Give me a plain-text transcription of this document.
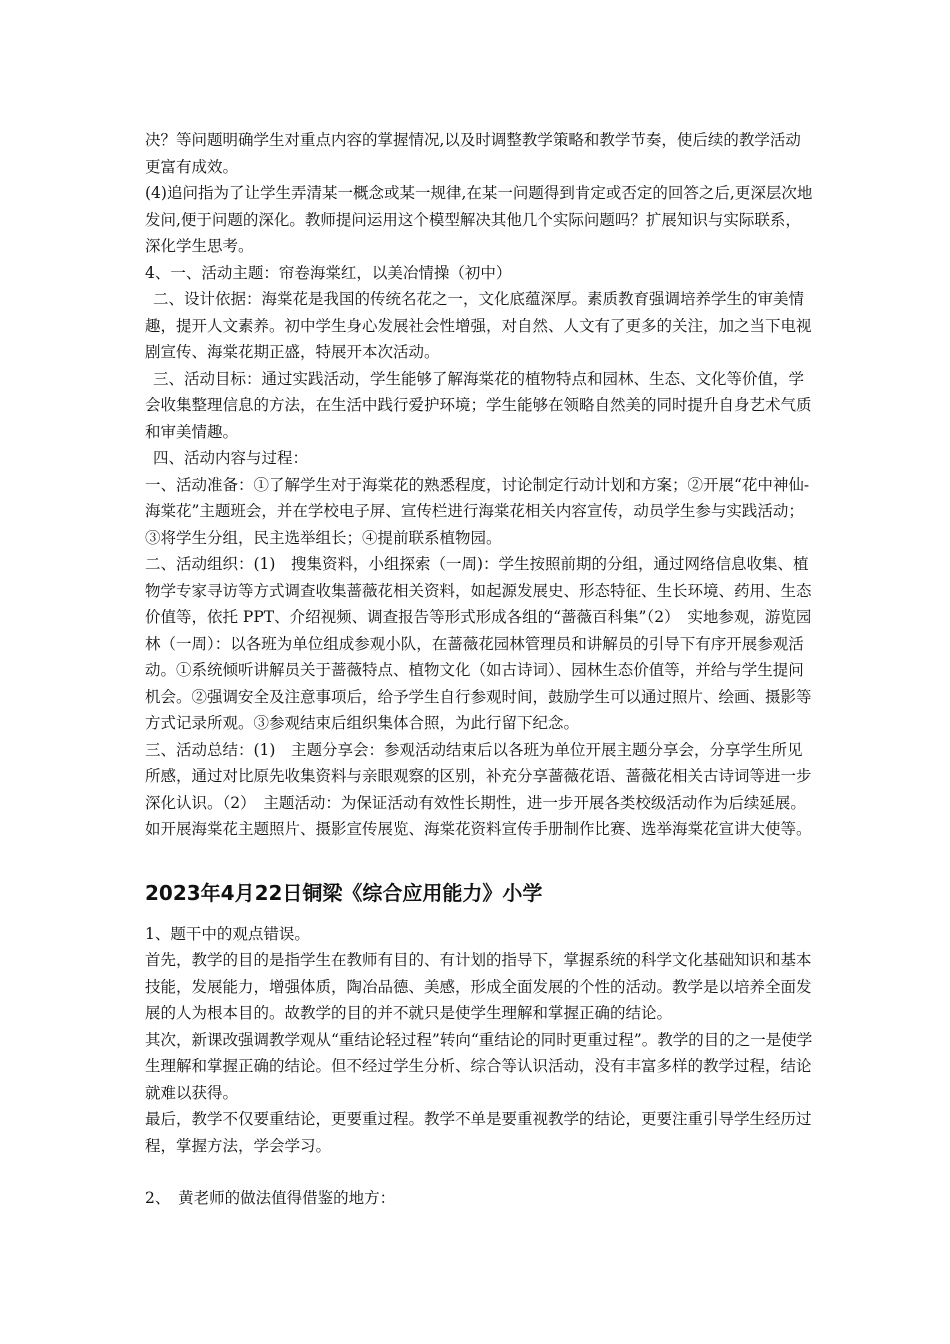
决？等问题明确学生对重点内容的掌握情况,以及时调整教学策略和教学节奏，使后续的教学活动更富有成效。

(4)追问指为了让学生弄清某一概念或某一规律,在某一问题得到肯定或否定的回答之后,更深层次地发问,便于问题的深化。教师提问运用这个模型解决其他几个实际问题吗？扩展知识与实际联系，深化学生思考。

4、一、活动主题：帘卷海棠红，以美冶情操（初中）

二、设计依据：海棠花是我国的传统名花之一，文化底蕴深厚。素质教育强调培养学生的审美情趣，提开人文素养。初中学生身心发展社会性增强，对自然、人文有了更多的关注，加之当下电视剧宣传、海棠花期正盛，特展开本次活动。

三、活动目标：通过实践活动，学生能够了解海棠花的植物特点和园林、生态、文化等价值，学会收集整理信息的方法，在生活中践行爱护环境；学生能够在领略自然美的同时提升自身艺术气质和审美情趣。

四、活动内容与过程：

一、活动准备：①了解学生对于海棠花的熟悉程度，讨论制定行动计划和方案；②开展“花中神仙-海棠花”主题班会，并在学校电子屏、宣传栏进行海棠花相关内容宣传，动员学生参与实践活动；③将学生分组，民主选举组长；④提前联系植物园。

二、活动组织：(1)　搜集资料，小组探索（一周)：学生按照前期的分组，通过网络信息收集、植物学专家寻访等方式调查收集蔷薇花相关资料，如起源发展史、形态特征、生长环境、药用、生态价值等，依托 PPT、介绍视频、调查报告等形式形成各组的“蔷薇百科集”（2）　实地参观，游览园林（一周）：以各班为单位组成参观小队，在蔷薇花园林管理员和讲解员的引导下有序开展参观活动。①系统倾听讲解员关于蔷薇特点、植物文化（如古诗词）、园林生态价值等，并给与学生提问机会。②强调安全及注意事项后，给予学生自行参观时间，鼓励学生可以通过照片、绘画、摄影等方式记录所观。③参观结束后组织集体合照，为此行留下纪念。

三、活动总结：(1)　主题分享会：参观活动结束后以各班为单位开展主题分享会，分享学生所见所感，通过对比原先收集资料与亲眼观察的区别，补充分享蔷薇花语、蔷薇花相关古诗词等进一步深化认识。（2）　主题活动：为保证活动有效性长期性，进一步开展各类校级活动作为后续延展。如开展海棠花主题照片、摄影宣传展览、海棠花资料宣传手册制作比赛、选举海棠花宣讲大使等。

2023年4月22日铜梁《综合应用能力》小学

1、题干中的观点错误。

首先，教学的目的是指学生在教师有目的、有计划的指导下，掌握系统的科学文化基础知识和基本技能，发展能力，增强体质，陶冶品德、美感，形成全面发展的个性的活动。教学是以培养全面发展的人为根本目的。故教学的目的并不就只是使学生理解和掌握正确的结论。

其次，新课改强调教学观从“重结论轻过程”转向“重结论的同时更重过程”。教学的目的之一是使学生理解和掌握正确的结论。但不经过学生分析、综合等认识活动，没有丰富多样的教学过程，结论就难以获得。

最后，教学不仅要重结论，更要重过程。教学不单是要重视教学的结论，更要注重引导学生经历过程，掌握方法，学会学习。

2、　黄老师的做法值得借鉴的地方：
